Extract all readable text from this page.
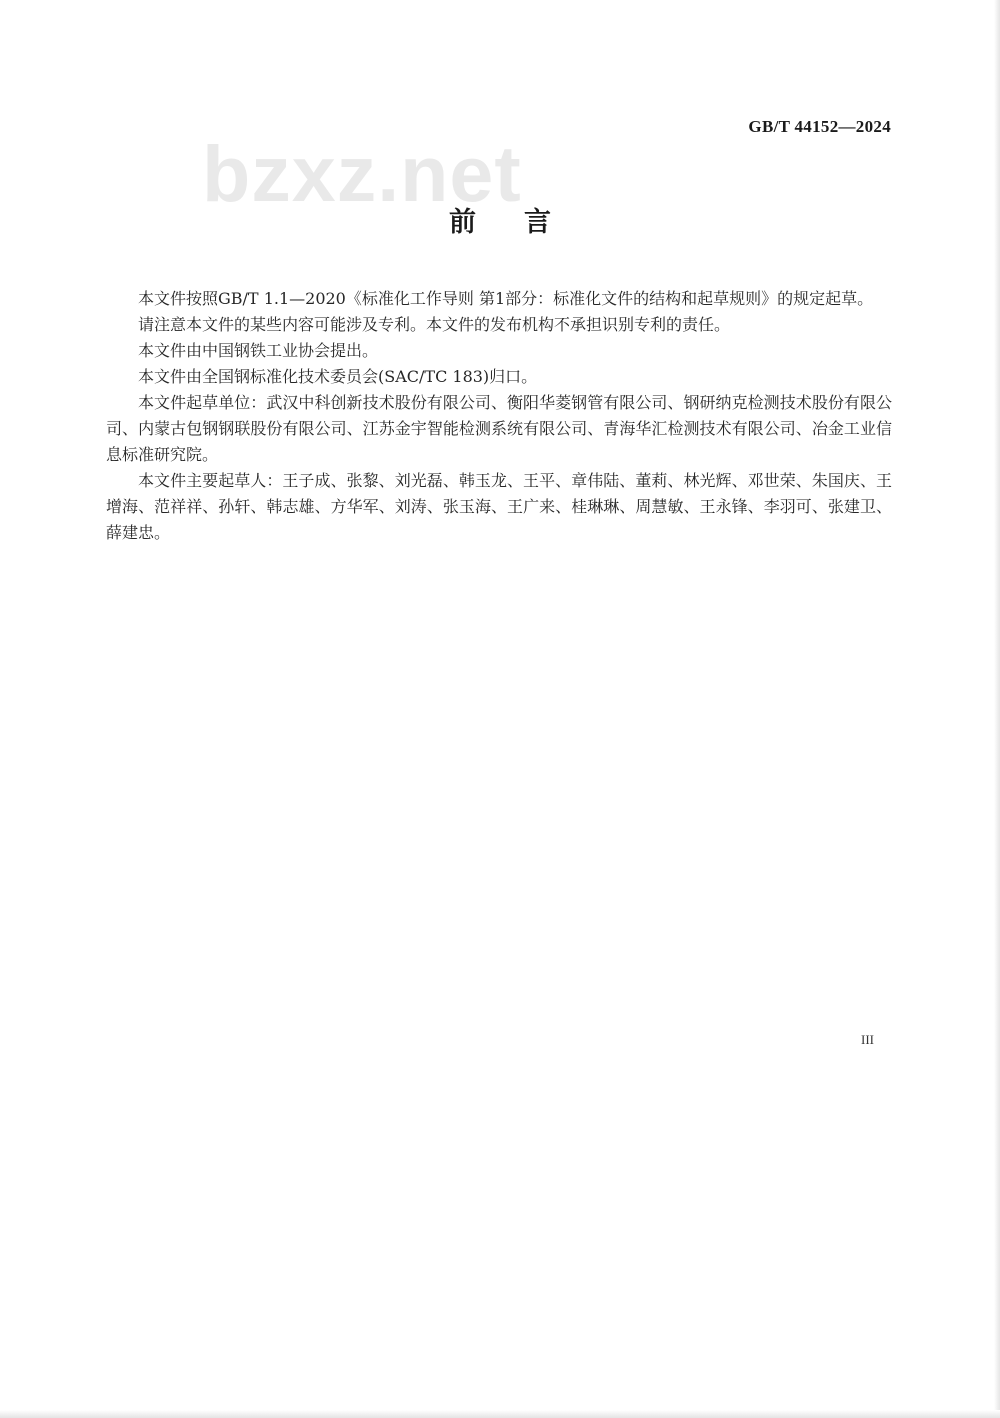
GB/T 44152—2024
bzxz.net
前言

本文件按照GB/T 1.1—2020《标准化工作导则 第1部分：标准化文件的结构和起草规则》的规定起草。

请注意本文件的某些内容可能涉及专利。本文件的发布机构不承担识别专利的责任。

本文件由中国钢铁工业协会提出。

本文件由全国钢标准化技术委员会(SAC/TC 183)归口。

本文件起草单位：武汉中科创新技术股份有限公司、衡阳华菱钢管有限公司、钢研纳克检测技术股份有限公司、内蒙古包钢钢联股份有限公司、江苏金宇智能检测系统有限公司、青海华汇检测技术有限公司、冶金工业信息标准研究院。

本文件主要起草人：王子成、张黎、刘光磊、韩玉龙、王平、章伟陆、董莉、林光辉、邓世荣、朱国庆、王增海、范祥祥、孙轩、韩志雄、方华军、刘涛、张玉海、王广来、桂琳琳、周慧敏、王永锋、李羽可、张建卫、薛建忠。

III
